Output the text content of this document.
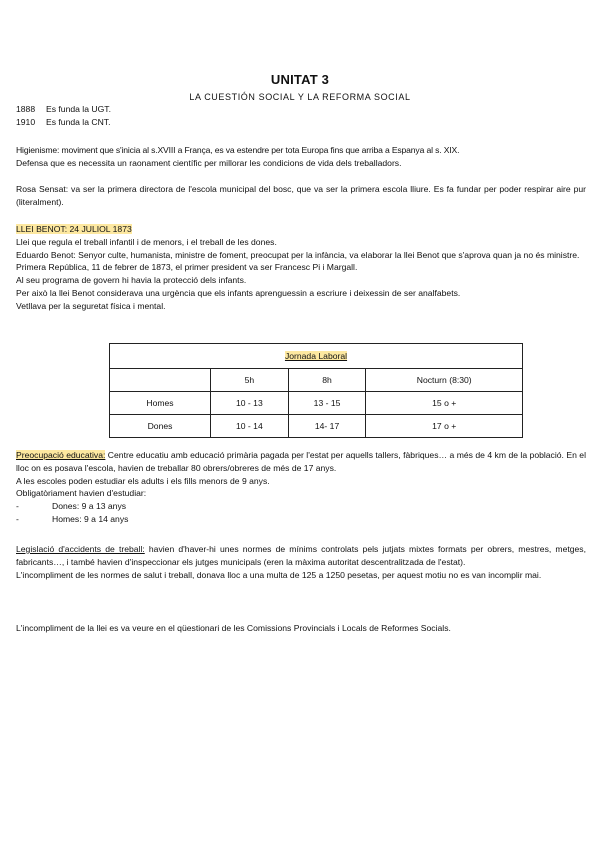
UNITAT 3
LA CUESTIÓN SOCIAL Y LA REFORMA SOCIAL
1888	Es funda la UGT.
1910	Es funda la CNT.
Higienisme: moviment que s'inicia al s.XVIII a França, es va estendre per tota Europa fins que arriba a Espanya al s. XIX.
Defensa que es necessita un raonament científic per millorar les condicions de vida dels treballadors.
Rosa Sensat: va ser la primera directora de l'escola municipal del bosc, que va ser la primera escola lliure. Es fa fundar per poder respirar aire pur (literalment).
LLEI BENOT: 24 JULIOL 1873
Llei que regula el treball infantil i de menors, i el treball de les dones.
Eduardo Benot: Senyor culte, humanista, ministre de foment, preocupat per la infància, va elaborar la llei Benot que s'aprova quan ja no és ministre.
Primera República, 11 de febrer de 1873, el primer president va ser Francesc Pi i Margall.
Al seu programa de govern hi havia la protecció dels infants.
Per això la llei Benot considerava una urgència que els infants aprenguessin a escriure i deixessin de ser analfabets.
Vetllava per la seguretat física i mental.
Jornada Laboral			
	5h	8h	Nocturn (8:30)
Homes	10 - 13	13 - 15	15 o +
Dones	10 - 14	14- 17	17 o +
Preocupació educativa: Centre educatiu amb educació primària pagada per l'estat per aquells tallers, fàbriques… a més de 4 km de la població. En el lloc on es posava l'escola, havien de treballar 80 obrers/obreres de més de 17 anys.
A les escoles poden estudiar els adults i els fills menors de 9 anys.
Obligatòriament havien d'estudiar:
-	Dones: 9 a 13 anys
-	Homes: 9 a 14 anys
Legislació d'accidents de treball: havien d'haver-hi unes normes de mínims controlats pels jutjats mixtes formats per obrers, mestres, metges, fabricants…, i també havien d'inspeccionar els jutges municipals (eren la màxima autoritat descentralitzada de l'estat).
L'incompliment de les normes de salut i treball, donava lloc a una multa de 125 a 1250 pesetas, per aquest motiu no es van incomplir mai.
L'incompliment de la llei es va veure en el qüestionari de les Comissions Provincials i Locals de Reformes Socials.
